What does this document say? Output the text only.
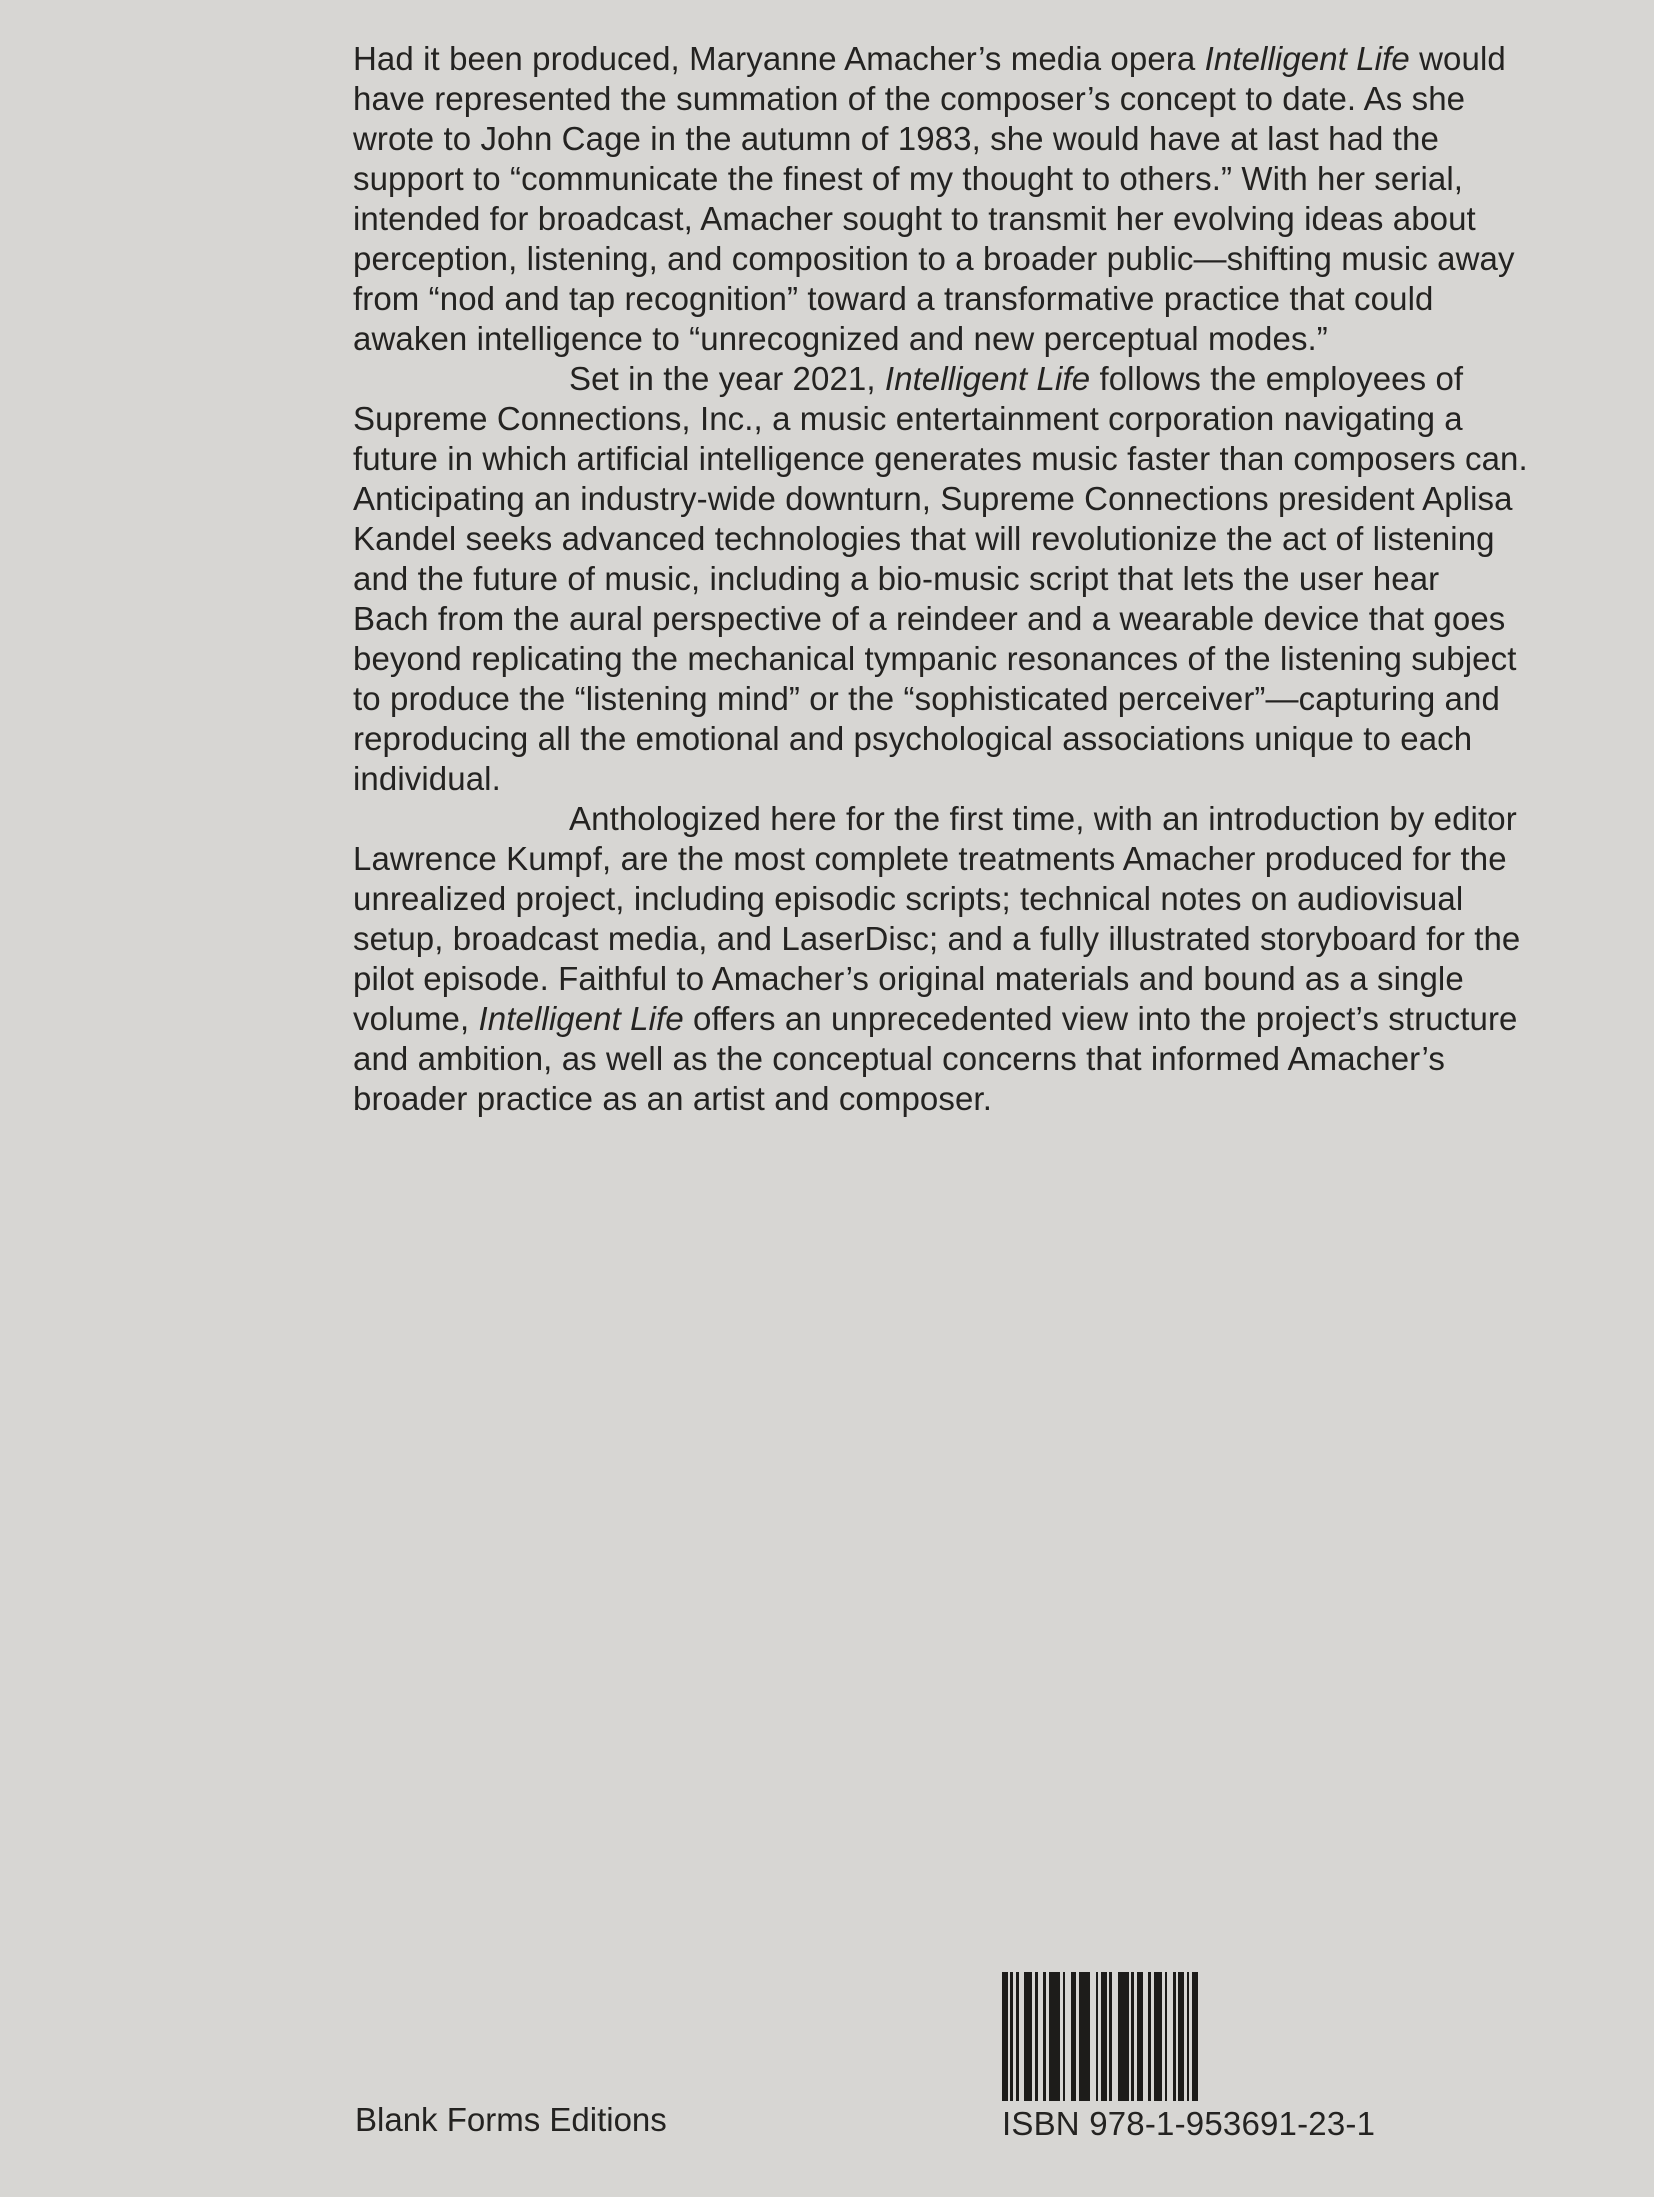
Had it been produced, Maryanne Amacher’s media opera Intelligent Life would
have represented the summation of the composer’s concept to date. As she
wrote to John Cage in the autumn of 1983, she would have at last had the
support to “communicate the finest of my thought to others.” With her serial,
intended for broadcast, Amacher sought to transmit her evolving ideas about
perception, listening, and composition to a broader public—shifting music away
from “nod and tap recognition” toward a transformative practice that could
awaken intelligence to “unrecognized and new perceptual modes.”
Set in the year 2021, Intelligent Life follows the employees of
Supreme Connections, Inc., a music entertainment corporation navigating a
future in which artificial intelligence generates music faster than composers can.
Anticipating an industry-wide downturn, Supreme Connections president Aplisa
Kandel seeks advanced technologies that will revolutionize the act of listening
and the future of music, including a bio-music script that lets the user hear
Bach from the aural perspective of a reindeer and a wearable device that goes
beyond replicating the mechanical tympanic resonances of the listening subject
to produce the “listening mind” or the “sophisticated perceiver”—capturing and
reproducing all the emotional and psychological associations unique to each
individual.
Anthologized here for the first time, with an introduction by editor
Lawrence Kumpf, are the most complete treatments Amacher produced for the
unrealized project, including episodic scripts; technical notes on audiovisual
setup, broadcast media, and LaserDisc; and a fully illustrated storyboard for the
pilot episode. Faithful to Amacher’s original materials and bound as a single
volume, Intelligent Life offers an unprecedented view into the project’s structure
and ambition, as well as the conceptual concerns that informed Amacher’s
broader practice as an artist and composer.
Blank Forms Editions	ISBN 978-1-953691-23-1
